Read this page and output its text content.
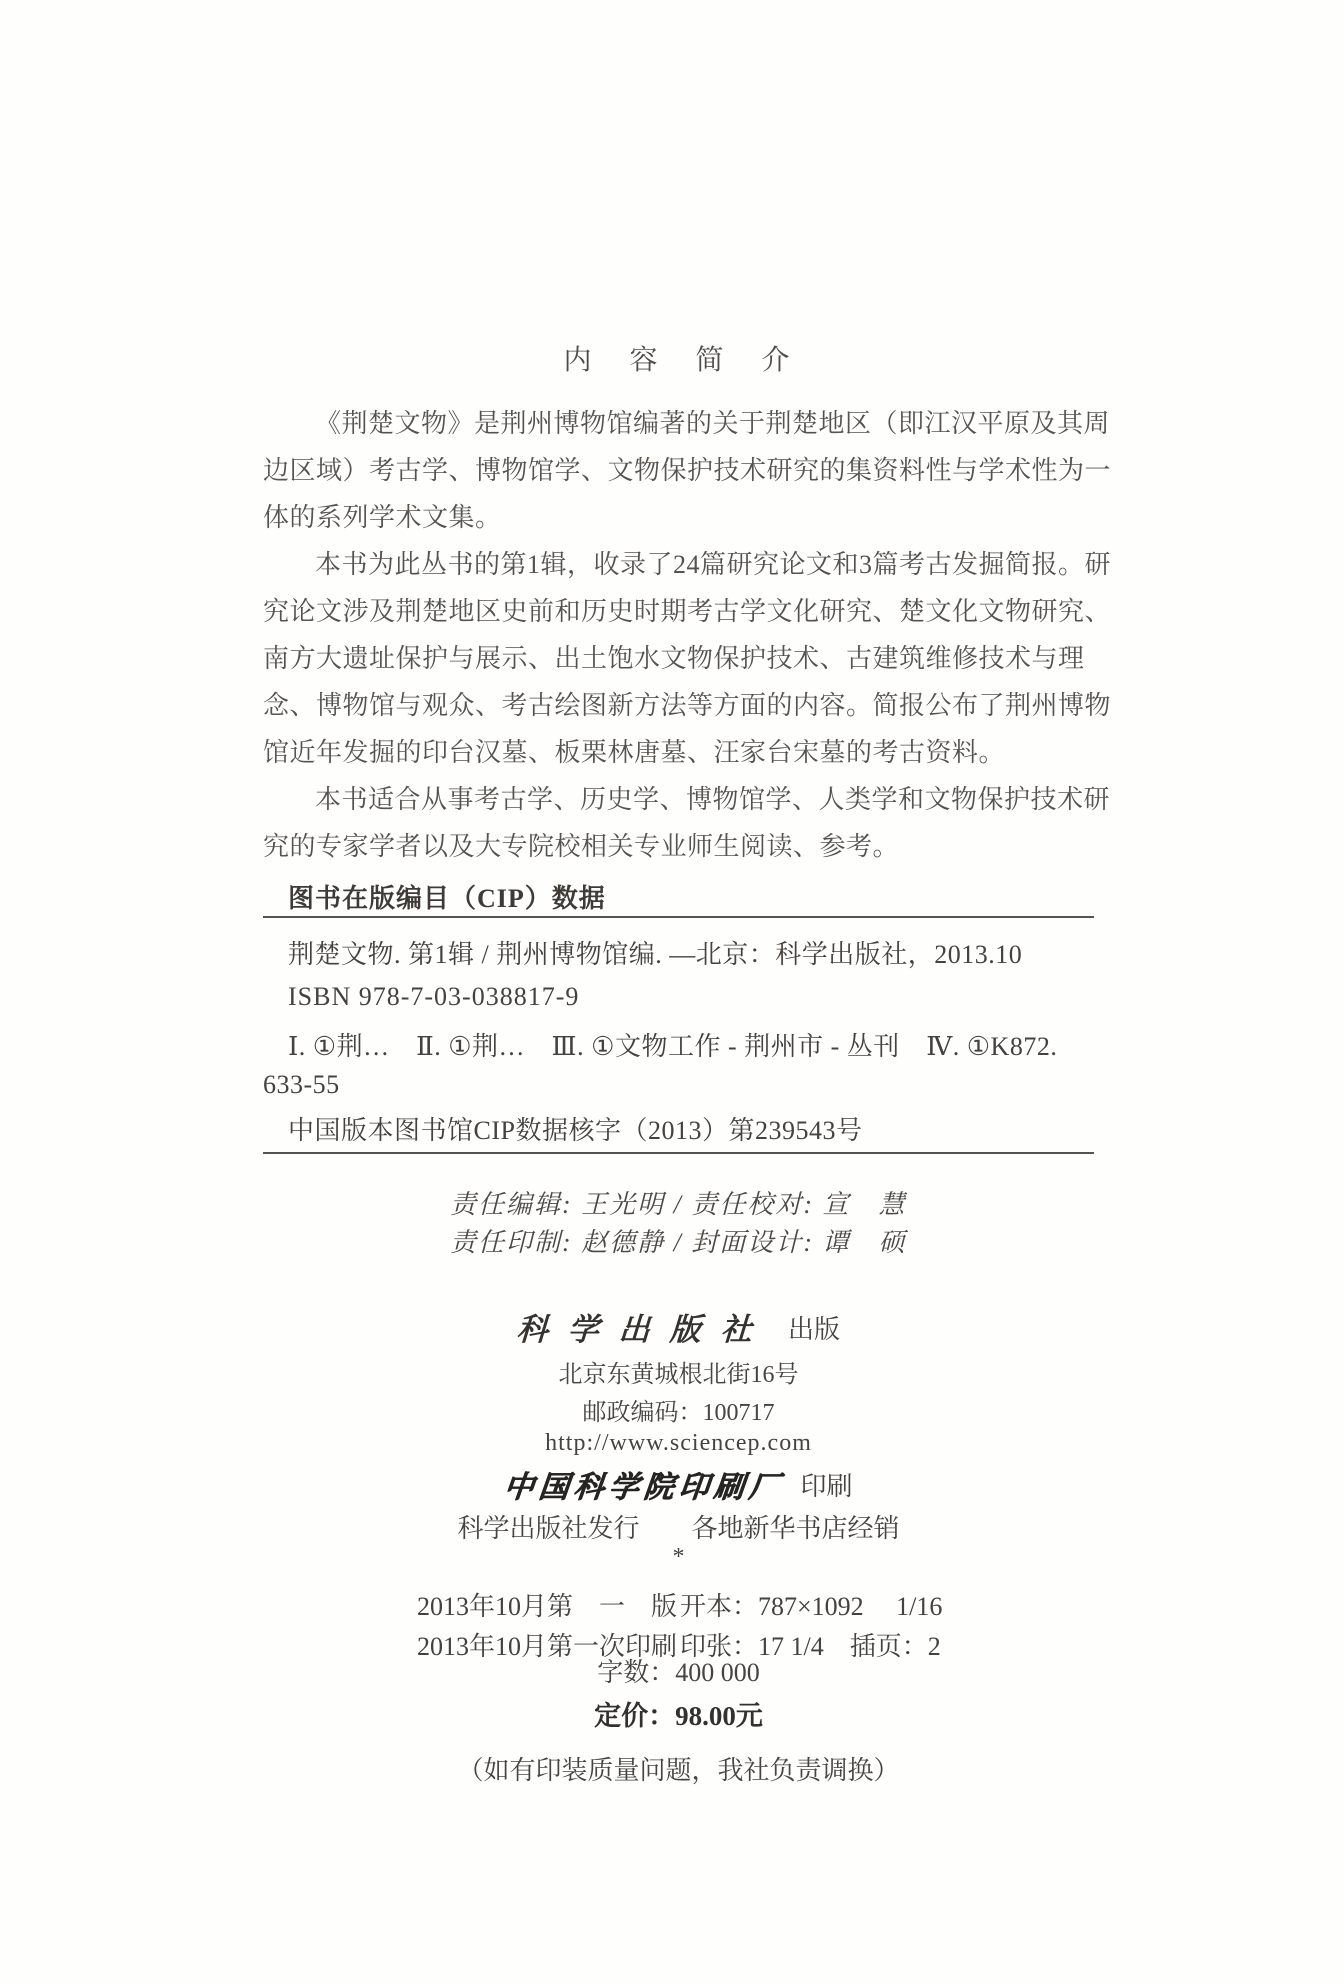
内　容　简　介
《荆楚文物》是荆州博物馆编著的关于荆楚地区（即江汉平原及其周
边区域）考古学、博物馆学、文物保护技术研究的集资料性与学术性为一
体的系列学术文集。
本书为此丛书的第1辑，收录了24篇研究论文和3篇考古发掘简报。研
究论文涉及荆楚地区史前和历史时期考古学文化研究、楚文化文物研究、
南方大遗址保护与展示、出土饱水文物保护技术、古建筑维修技术与理
念、博物馆与观众、考古绘图新方法等方面的内容。简报公布了荆州博物
馆近年发掘的印台汉墓、板栗林唐墓、汪家台宋墓的考古资料。
本书适合从事考古学、历史学、博物馆学、人类学和文物保护技术研
究的专家学者以及大专院校相关专业师生阅读、参考。
图书在版编目（CIP）数据
荆楚文物. 第1辑 / 荆州博物馆编. —北京：科学出版社，2013.10
ISBN 978-7-03-038817-9
Ⅰ. ①荆…　Ⅱ. ①荆…　Ⅲ. ①文物工作 - 荆州市 - 丛刊　Ⅳ. ①K872.
633-55
中国版本图书馆CIP数据核字（2013）第239543号
责任编辑: 王光明 / 责任校对: 宣　慧
责任印制: 赵德静 / 封面设计: 谭　硕
科学出版社 出版
北京东黄城根北街16号
邮政编码：100717
http://www.sciencep.com
中国科学院印刷厂 印刷
科学出版社发行　　各地新华书店经销
*
2013年10月第　一　版 开本：787×1092　 1/16
2013年10月第一次印刷 印张：17 1/4　插页：2
字数：400 000
定价：98.00元
（如有印装质量问题，我社负责调换）
